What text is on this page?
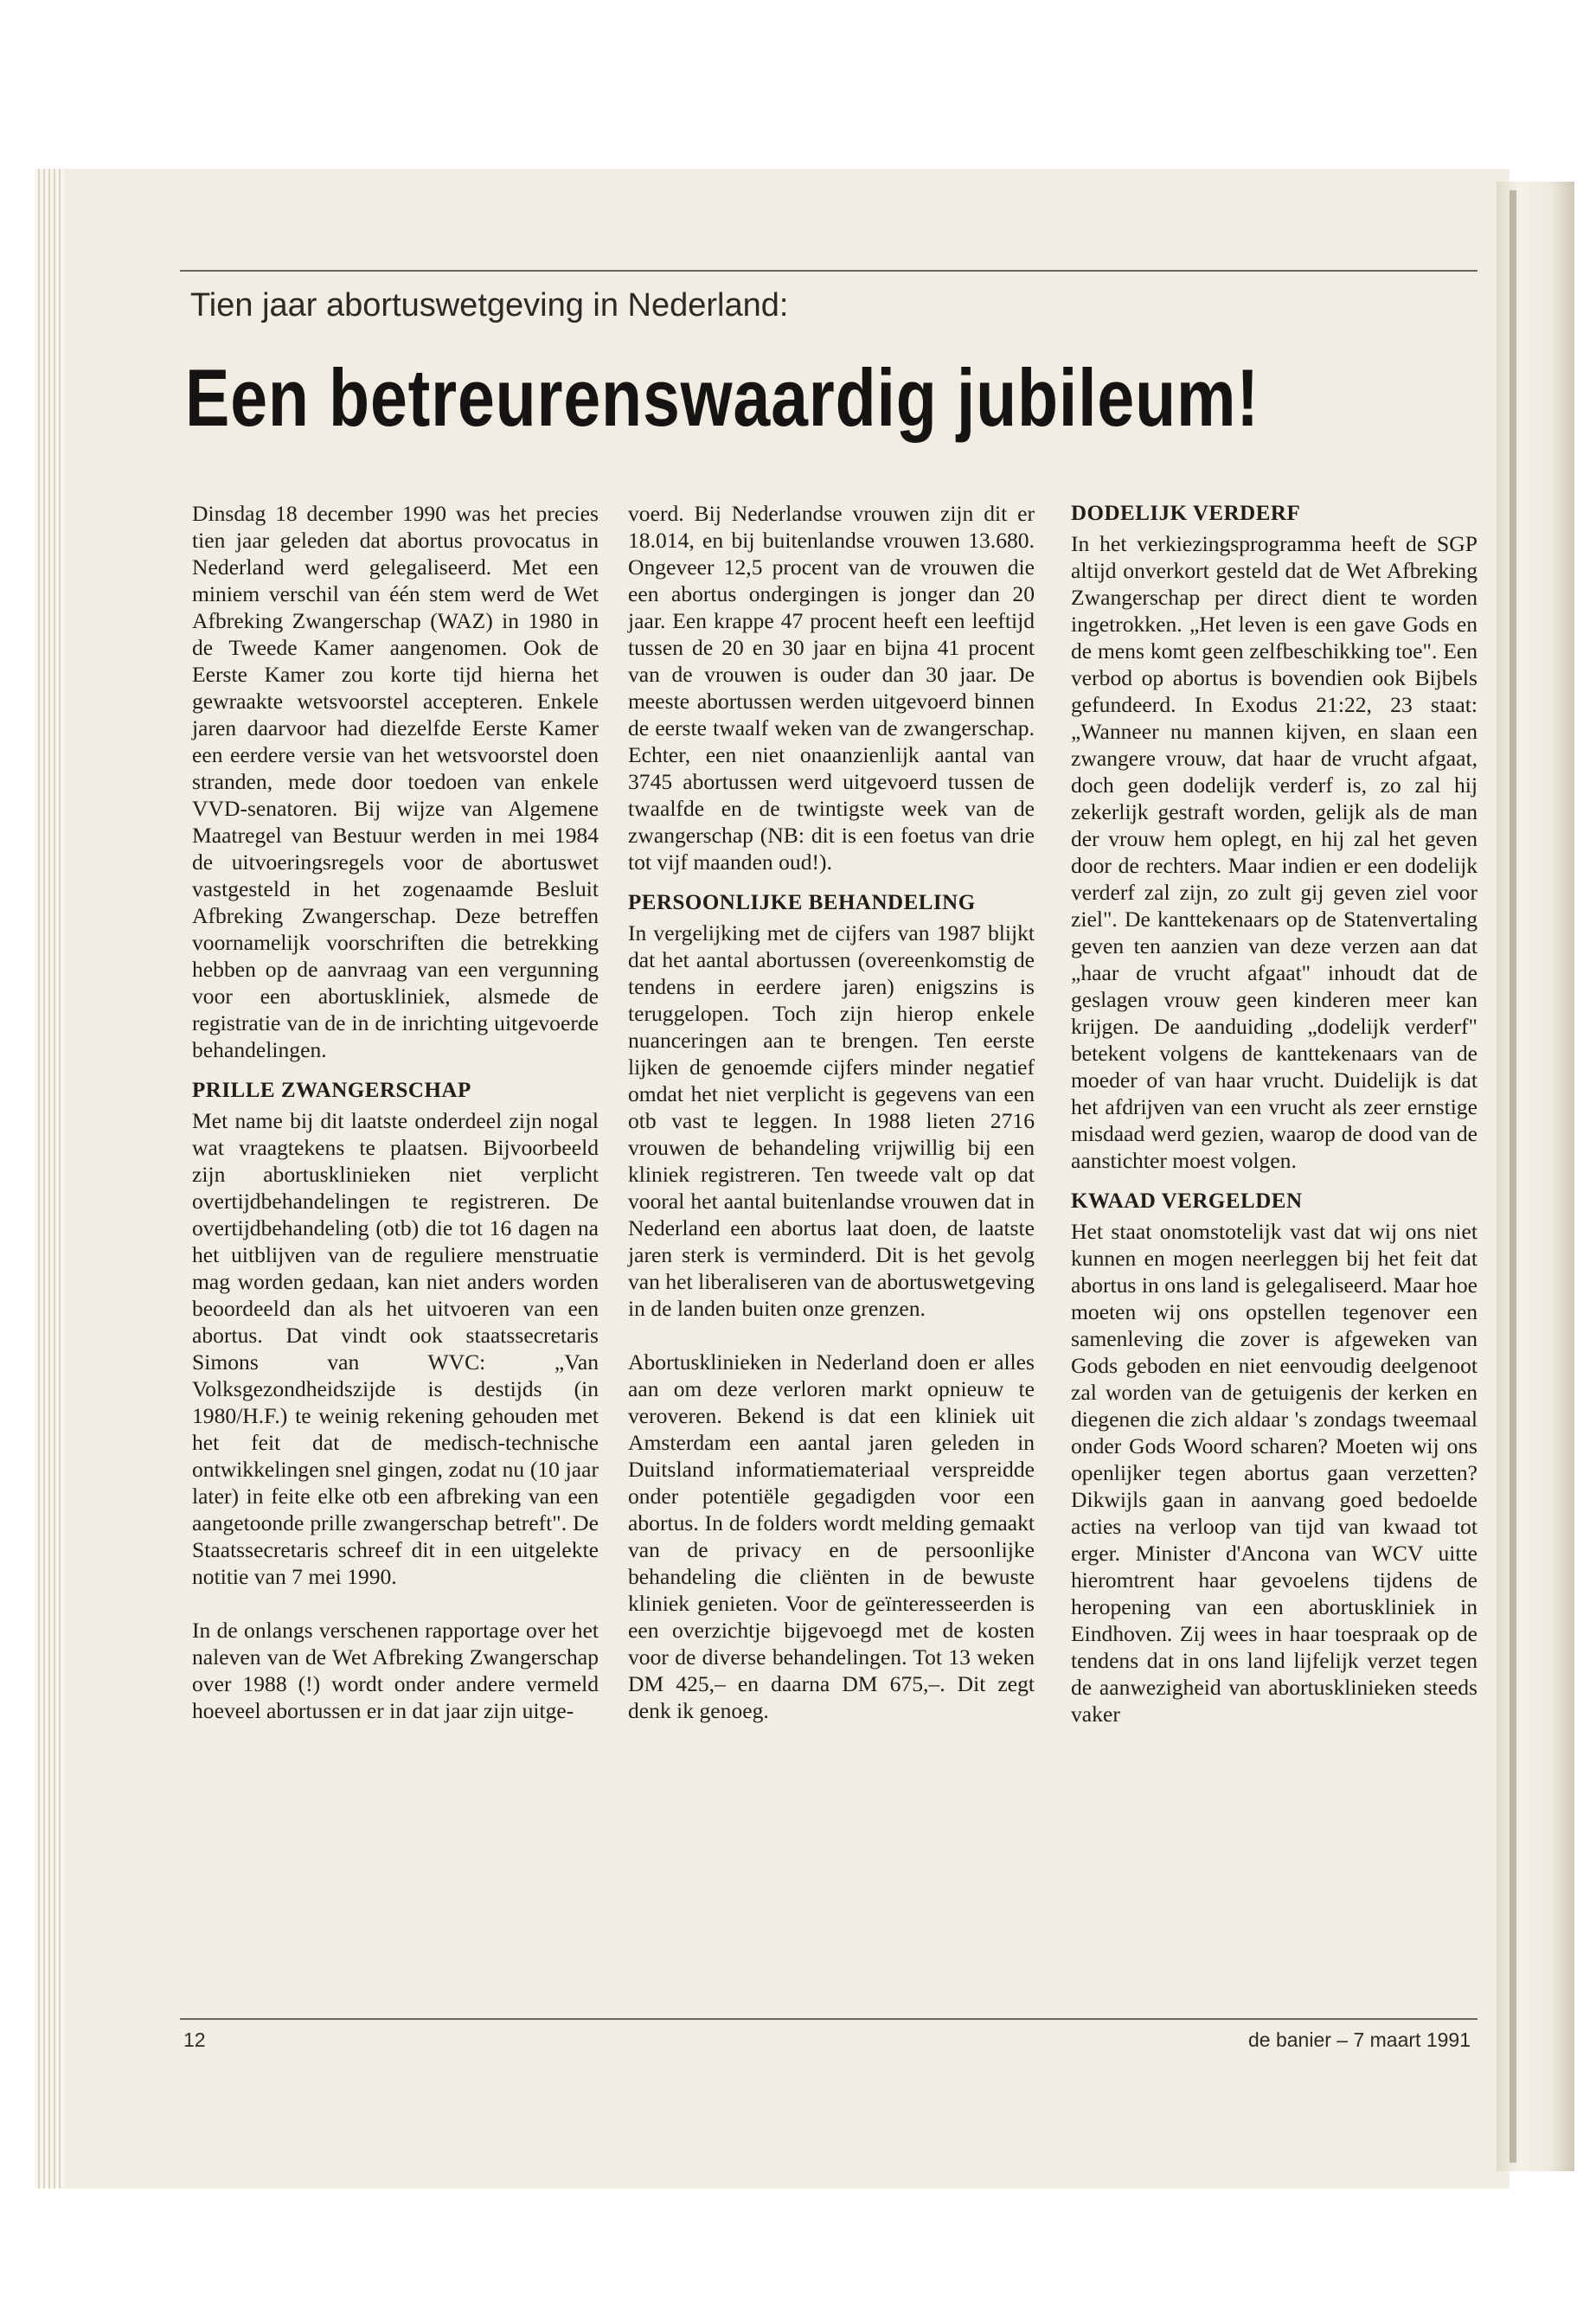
Tien jaar abortuswetgeving in Nederland:
Een betreurenswaardig jubileum!

Dinsdag 18 december 1990 was het precies tien jaar geleden dat abortus provocatus in Nederland werd gelegaliseerd. Met een miniem verschil van één stem werd de Wet Afbreking Zwangerschap (WAZ) in 1980 in de Tweede Kamer aangenomen. Ook de Eerste Kamer zou korte tijd hierna het gewraakte wetsvoorstel accepteren. Enkele jaren daarvoor had diezelfde Eerste Kamer een eerdere versie van het wetsvoorstel doen stranden, mede door toedoen van enkele VVD-senatoren. Bij wijze van Algemene Maatregel van Bestuur werden in mei 1984 de uitvoeringsregels voor de abortuswet vastgesteld in het zogenaamde Besluit Afbreking Zwangerschap. Deze betreffen voornamelijk voorschriften die betrekking hebben op de aanvraag van een vergunning voor een abortuskliniek, alsmede de registratie van de in de inrichting uitgevoerde behandelingen.

PRILLE ZWANGERSCHAP

Met name bij dit laatste onderdeel zijn nogal wat vraagtekens te plaatsen. Bijvoorbeeld zijn abortusklinieken niet verplicht overtijdbehandelingen te registreren. De overtijdbehandeling (otb) die tot 16 dagen na het uitblijven van de reguliere menstruatie mag worden gedaan, kan niet anders worden beoordeeld dan als het uitvoeren van een abortus. Dat vindt ook staatssecretaris Simons van WVC: „Van Volksgezondheidszijde is destijds (in 1980/H.F.) te weinig rekening gehouden met het feit dat de medisch-technische ontwikkelingen snel gingen, zodat nu (10 jaar later) in feite elke otb een afbreking van een aangetoonde prille zwangerschap betreft". De Staatssecretaris schreef dit in een uitgelekte notitie van 7 mei 1990.

In de onlangs verschenen rapportage over het naleven van de Wet Afbreking Zwangerschap over 1988 (!) wordt onder andere vermeld hoeveel abortussen er in dat jaar zijn uitge-

voerd. Bij Nederlandse vrouwen zijn dit er 18.014, en bij buitenlandse vrouwen 13.680. Ongeveer 12,5 procent van de vrouwen die een abortus ondergingen is jonger dan 20 jaar. Een krappe 47 procent heeft een leeftijd tussen de 20 en 30 jaar en bijna 41 procent van de vrouwen is ouder dan 30 jaar. De meeste abortussen werden uitgevoerd binnen de eerste twaalf weken van de zwangerschap. Echter, een niet onaanzienlijk aantal van 3745 abortussen werd uitgevoerd tussen de twaalfde en de twintigste week van de zwangerschap (NB: dit is een foetus van drie tot vijf maanden oud!).

PERSOONLIJKE BEHANDELING

In vergelijking met de cijfers van 1987 blijkt dat het aantal abortussen (overeenkomstig de tendens in eerdere jaren) enigszins is teruggelopen. Toch zijn hierop enkele nuanceringen aan te brengen. Ten eerste lijken de genoemde cijfers minder negatief omdat het niet verplicht is gegevens van een otb vast te leggen. In 1988 lieten 2716 vrouwen de behandeling vrijwillig bij een kliniek registreren. Ten tweede valt op dat vooral het aantal buitenlandse vrouwen dat in Nederland een abortus laat doen, de laatste jaren sterk is verminderd. Dit is het gevolg van het liberaliseren van de abortuswetgeving in de landen buiten onze grenzen.

Abortusklinieken in Nederland doen er alles aan om deze verloren markt opnieuw te veroveren. Bekend is dat een kliniek uit Amsterdam een aantal jaren geleden in Duitsland informatiemateriaal verspreidde onder potentiële gegadigden voor een abortus. In de folders wordt melding gemaakt van de privacy en de persoonlijke behandeling die cliënten in de bewuste kliniek genieten. Voor de geïnteresseerden is een overzichtje bijgevoegd met de kosten voor de diverse behandelingen. Tot 13 weken DM 425,– en daarna DM 675,–. Dit zegt denk ik genoeg.

DODELIJK VERDERF

In het verkiezingsprogramma heeft de SGP altijd onverkort gesteld dat de Wet Afbreking Zwangerschap per direct dient te worden ingetrokken. „Het leven is een gave Gods en de mens komt geen zelfbeschikking toe". Een verbod op abortus is bovendien ook Bijbels gefundeerd. In Exodus 21:22, 23 staat: „Wanneer nu mannen kijven, en slaan een zwangere vrouw, dat haar de vrucht afgaat, doch geen dodelijk verderf is, zo zal hij zekerlijk gestraft worden, gelijk als de man der vrouw hem oplegt, en hij zal het geven door de rechters. Maar indien er een dodelijk verderf zal zijn, zo zult gij geven ziel voor ziel". De kanttekenaars op de Statenvertaling geven ten aanzien van deze verzen aan dat „haar de vrucht afgaat" inhoudt dat de geslagen vrouw geen kinderen meer kan krijgen. De aanduiding „dodelijk verderf" betekent volgens de kanttekenaars van de moeder of van haar vrucht. Duidelijk is dat het afdrijven van een vrucht als zeer ernstige misdaad werd gezien, waarop de dood van de aanstichter moest volgen.

KWAAD VERGELDEN

Het staat onomstotelijk vast dat wij ons niet kunnen en mogen neerleggen bij het feit dat abortus in ons land is gelegaliseerd. Maar hoe moeten wij ons opstellen tegenover een samenleving die zover is afgeweken van Gods geboden en niet eenvoudig deelgenoot zal worden van de getuigenis der kerken en diegenen die zich aldaar 's zondags tweemaal onder Gods Woord scharen? Moeten wij ons openlijker tegen abortus gaan verzetten? Dikwijls gaan in aanvang goed bedoelde acties na verloop van tijd van kwaad tot erger. Minister d'Ancona van WCV uitte hieromtrent haar gevoelens tijdens de heropening van een abortuskliniek in Eindhoven. Zij wees in haar toespraak op de tendens dat in ons land lijfelijk verzet tegen de aanwezigheid van abortusklinieken steeds vaker

12	de banier – 7 maart 1991
